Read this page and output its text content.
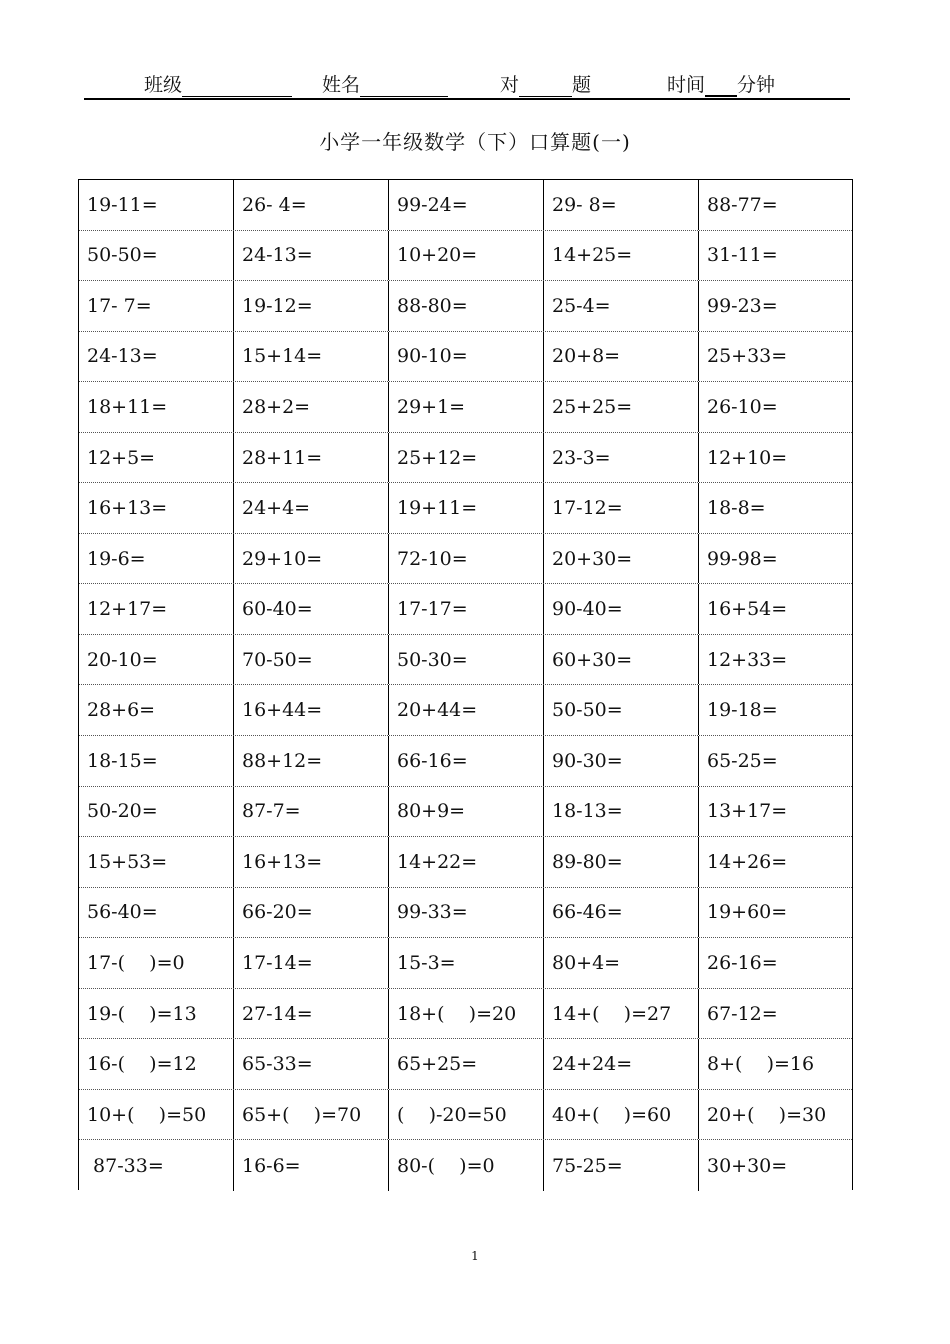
班级	姓名	对	题	时间 分钟
小学一年级数学（下）口算题(一)
19-11=	26- 4=	99-24=	29- 8=	88-77=
50-50=	24-13=	10+20=	14+25=	31-11=
17- 7=	19-12=	88-80=	25-4=	99-23=
24-13=	15+14=	90-10=	20+8=	25+33=
18+11=	28+2=	29+1=	25+25=	26-10=
12+5=	28+11=	25+12=	23-3=	12+10=
16+13=	24+4=	19+11=	17-12=	18-8=
19-6=	29+10=	72-10=	20+30=	99-98=
12+17=	60-40=	17-17=	90-40=	16+54=
20-10=	70-50=	50-30=	60+30=	12+33=
28+6=	16+44=	20+44=	50-50=	19-18=
18-15=	88+12=	66-16=	90-30=	65-25=
50-20=	87-7=	80+9=	18-13=	13+17=
15+53=	16+13=	14+22=	89-80=	14+26=
56-40=	66-20=	99-33=	66-46=	19+60=
17-(    )=0	17-14=	15-3=	80+4=	26-16=
19-(    )=13	27-14=	18+(    )=20	14+(    )=27	67-12=
16-(    )=12	65-33=	65+25=	24+24=	8+(    )=16
10+(    )=50	65+(    )=70	(    )-20=50	40+(    )=60	20+(    )=30
87-33=	16-6=	80-(    )=0	75-25=	30+30=
1
